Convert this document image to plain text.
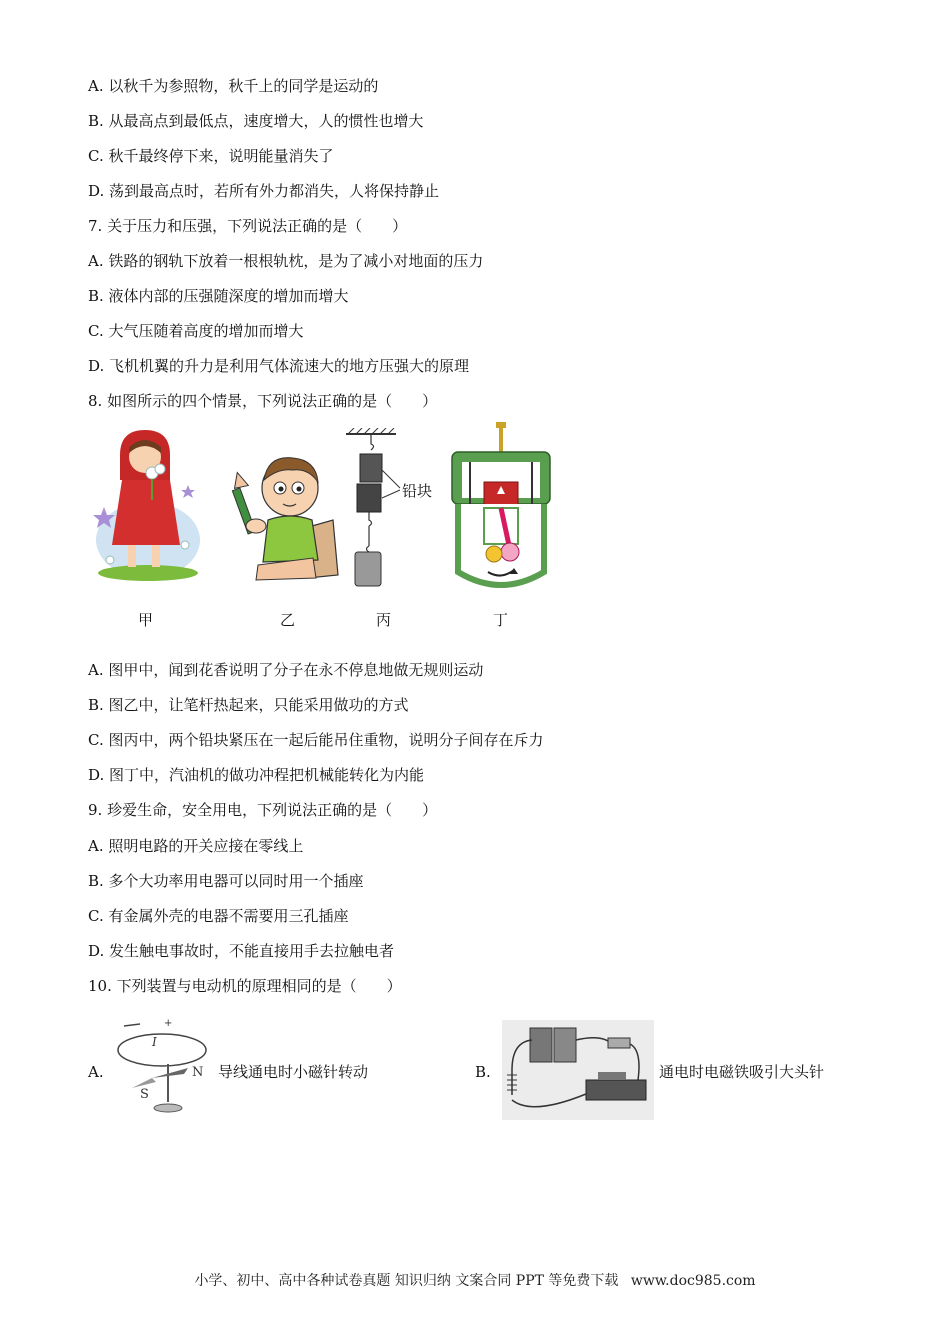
A. 以秋千为参照物，秋千上的同学是运动的
B. 从最高点到最低点，速度增大，人的惯性也增大
C. 秋千最终停下来，说明能量消失了
D. 荡到最高点时，若所有外力都消失，人将保持静止
7. 关于压力和压强，下列说法正确的是（　　）
A. 铁路的钢轨下放着一根根轨枕，是为了减小对地面的压力
B. 液体内部的压强随深度的增加而增大
C. 大气压随着高度的增加而增大
D. 飞机机翼的升力是利用气体流速大的地方压强大的原理
8. 如图所示的四个情景，下列说法正确的是（　　）
铅块
甲	乙	丙	丁
A. 图甲中，闻到花香说明了分子在永不停息地做无规则运动
B. 图乙中，让笔杆热起来，只能采用做功的方式
C. 图丙中，两个铅块紧压在一起后能吊住重物，说明分子间存在斥力
D. 图丁中，汽油机的做功冲程把机械能转化为内能
9. 珍爱生命，安全用电，下列说法正确的是（　　）
A. 照明电路的开关应接在零线上
B. 多个大功率用电器可以同时用一个插座
C. 有金属外壳的电器不需要用三孔插座
D. 发生触电事故时，不能直接用手去拉触电者
10. 下列装置与电动机的原理相同的是（　　）
A.
+
I
N
S
导线通电时小磁针转动	B.	通电时电磁铁吸引大头针
小学、初中、高中各种试卷真题 知识归纳 文案合同 PPT 等免费下载 www.doc985.com
